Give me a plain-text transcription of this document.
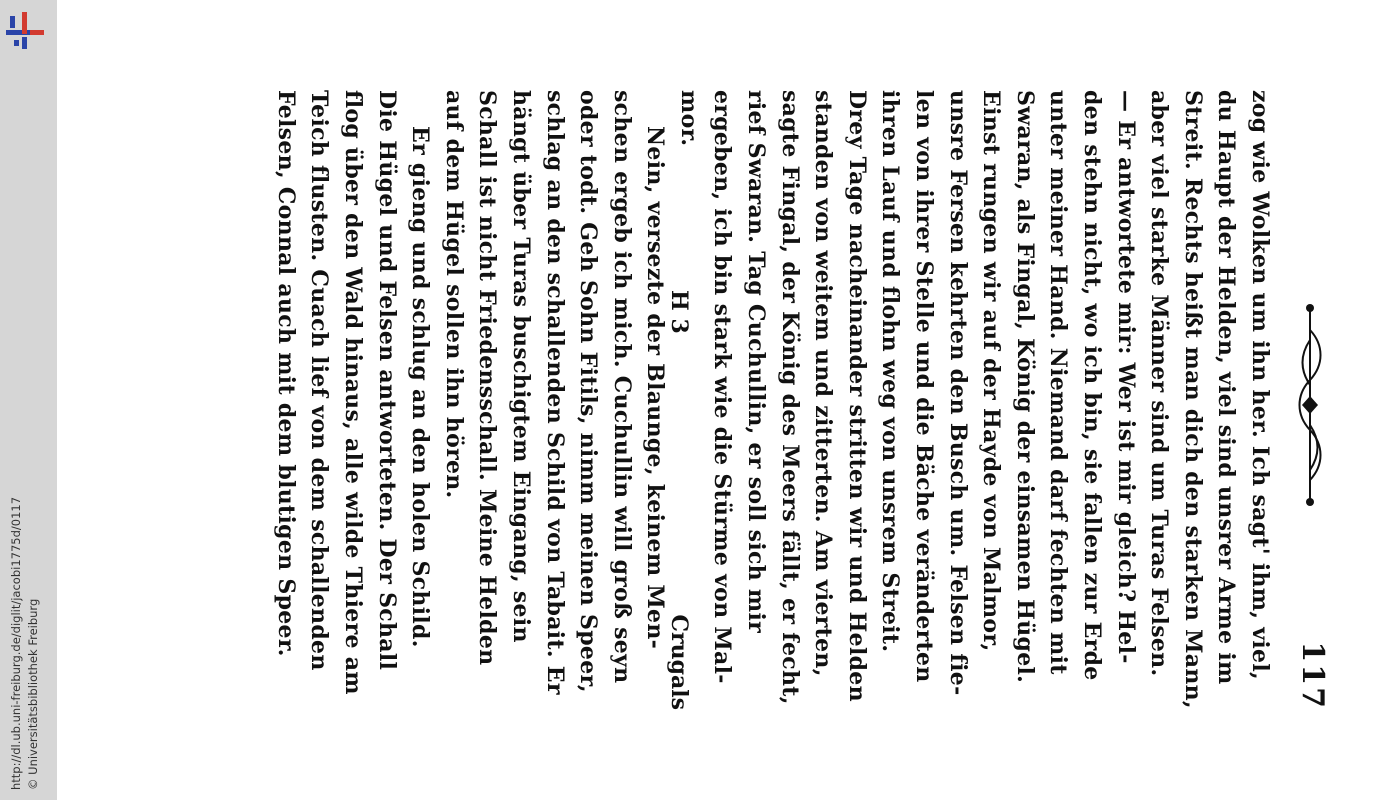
http://dl.ub.uni-freiburg.de/diglit/jacobi1775d/0117 © Universitätsbibliothek Freiburg	117
zog wie Wolken um ihn her. Ich sagt' ihm, viel,
du Haupt der Helden, viel sind unsrer Arme im
Streit. Rechts heißt man dich den starken Mann,
aber viel starke Männer sind um Turas Felsen.
— Er antwortete mir: Wer ist mir gleich? Hel-
den stehn nicht, wo ich bin, sie fallen zur Erde
unter meiner Hand. Niemand darf fechten mit
Swaran, als Fingal, König der einsamen Hügel.
Einst rungen wir auf der Hayde von Malmor,
unsre Fersen kehrten den Busch um. Felsen fie-
len von ihrer Stelle und die Bäche veränderten
ihren Lauf und flohn weg von unsrem Streit.
Drey Tage nacheinander stritten wir und Helden
standen von weitem und zitterten. Am vierten,
sagte Fingal, der König des Meers fällt, er fecht,
rief Swaran. Tag Cuchullin, er soll sich mir
ergeben, ich bin stark wie die Stürme von Mal-
mor.
Nein, versezte der Blaunge, keinem Men-
schen ergeb ich mich. Cuchullin will groß seyn
oder todt. Geh Sohn Fitils, nimm meinen Speer,
schlag an den schallenden Schild von Tabait. Er
hängt über Turas buschigtem Eingang, sein
Schall ist nicht Friedensschall. Meine Helden
auf dem Hügel sollen ihn hören.
Er gieng und schlug an den holen Schild.
Die Hügel und Felsen antworteten. Der Schall
flog über den Wald hinaus, alle wilde Thiere am
Teich flusten. Cuach lief von dem schallenden
Felsen, Connal auch mit dem blutigen Speer.	H 3
Crugals
